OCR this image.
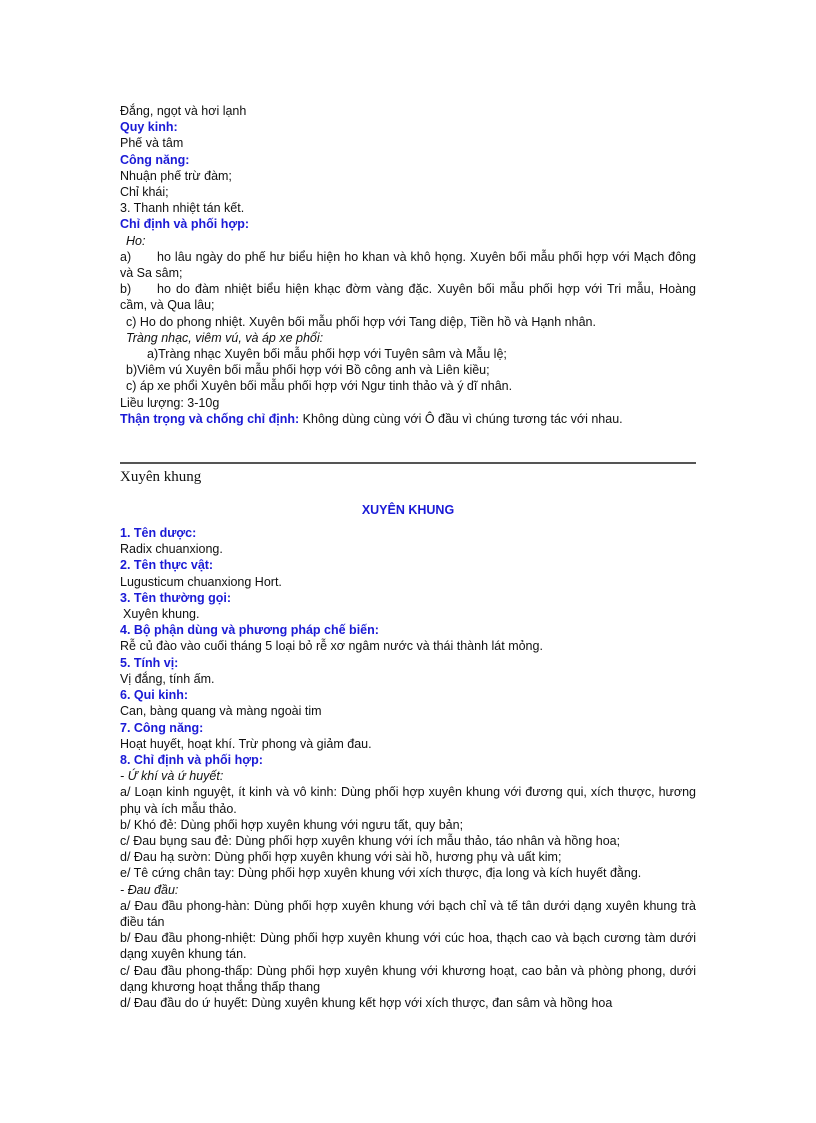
Đắng, ngọt và hơi lạnh
Quy kinh:
Phế và tâm
Công năng:
Nhuận phế trừ đàm;
Chỉ khái;
3. Thanh nhiệt tán kết.
Chỉ định và phối hợp:
Ho:
a)	ho lâu ngày do phế hư biểu hiện ho khan và khô họng. Xuyên bối mẫu phối hợp với Mạch đông và Sa sâm;
b)	ho do đàm nhiệt biểu hiện khạc đờm vàng đặc. Xuyên bối mẫu phối hợp với Tri mẫu, Hoàng cầm, và Qua lâu;
c) Ho do phong nhiệt. Xuyên bối mẫu phối hợp với Tang diệp, Tiền hồ và Hạnh nhân.
Tràng nhạc, viêm vú, và áp xe phổi:
a)Tràng nhạc Xuyên bối mẫu phối hợp với Tuyên sâm và Mẫu lệ;
b)Viêm vú Xuyên bối mẫu phối hợp với Bồ công anh và Liên kiều;
c) áp xe phổi Xuyên bối mẫu phối hợp với Ngư tinh thảo và ý dĩ nhân.
Liều lượng: 3-10g
Thận trọng và chống chỉ định: Không dùng cùng với Ô đầu vì chúng tương tác với nhau.
Xuyên khung
XUYÊN KHUNG
1. Tên dược:
Radix chuanxiong.
2. Tên thực vật:
Lugusticum chuanxiong Hort.
3. Tên thường gọi:
Xuyên khung.
4. Bộ phận dùng và phương pháp chế biến:
Rễ củ đào vào cuối tháng 5 loại bỏ rễ xơ ngâm nước và thái thành lát mỏng.
5. Tính vị:
Vị đắng, tính ấm.
6. Qui kinh:
Can, bàng quang và màng ngoài tim
7. Công năng:
Hoạt huyết, hoạt khí. Trừ phong và giảm đau.
8. Chỉ định và phối hợp:
- Ứ khí và ứ huyết:
a/ Loạn kinh nguyệt, ít kinh và vô kinh: Dùng phối hợp xuyên khung với đương qui, xích thược, hương phụ và ích mẫu thảo.
b/ Khó đẻ: Dùng phối hợp xuyên khung với ngưu tất, quy bản;
c/ Đau bụng sau đẻ: Dùng phối hợp xuyên khung với ích mẫu thảo, táo nhân và hồng hoa;
d/ Đau hạ sườn: Dùng phối hợp xuyên khung với sài hồ, hương phụ và uất kim;
e/ Tê cứng chân tay: Dùng phối hợp xuyên khung với xích thược, địa long và kích huyết đằng.
- Đau đầu:
a/ Đau đầu phong-hàn: Dùng phối hợp xuyên khung với bạch chỉ và tế tân dưới dạng xuyên khung trà điều tán
b/ Đau đầu phong-nhiệt: Dùng phối hợp xuyên khung với cúc hoa, thạch cao và bạch cương tàm dưới dạng xuyên khung tán.
c/ Đau đầu phong-thấp: Dùng phối hợp xuyên khung với khương hoạt, cao bản và phòng phong, dưới dạng khương hoạt thắng thấp thang
d/ Đau đầu do ứ huyết: Dùng xuyên khung kết hợp với xích thược, đan sâm và hồng hoa
